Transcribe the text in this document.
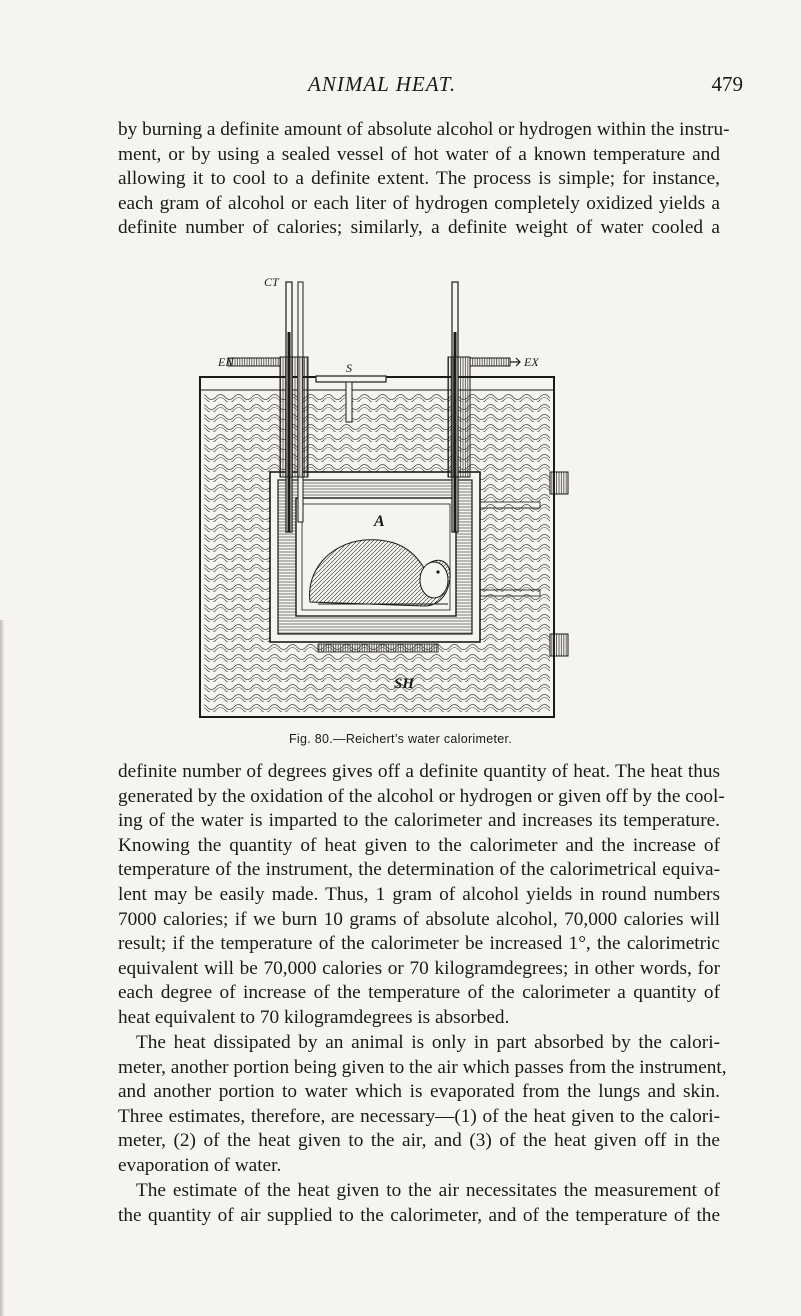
ANIMAL HEAT.	479

by burning a definite amount of absolute alcohol or hydrogen within the instru-
ment, or by using a sealed vessel of hot water of a known temperature and
allowing it to cool to a definite extent. The process is simple; for instance,
each gram of alcohol or each liter of hydrogen completely oxidized yields a
definite number of calories; similarly, a definite weight of water cooled a

CT
EN	EX
S
A
SH
Fig. 80.—Reichert’s water calorimeter.

definite number of degrees gives off a definite quantity of heat. The heat thus
generated by the oxidation of the alcohol or hydrogen or given off by the cool-
ing of the water is imparted to the calorimeter and increases its temperature.
Knowing the quantity of heat given to the calorimeter and the increase of
temperature of the instrument, the determination of the calorimetrical equiva-
lent may be easily made. Thus, 1 gram of alcohol yields in round numbers
7000 calories; if we burn 10 grams of absolute alcohol, 70,000 calories will
result; if the temperature of the calorimeter be increased 1°, the calorimetric
equivalent will be 70,000 calories or 70 kilogramdegrees; in other words, for
each degree of increase of the temperature of the calorimeter a quantity of
heat equivalent to 70 kilogramdegrees is absorbed.

The heat dissipated by an animal is only in part absorbed by the calori-
meter, another portion being given to the air which passes from the instrument,
and another portion to water which is evaporated from the lungs and skin.
Three estimates, therefore, are necessary—(1) of the heat given to the calori-
meter, (2) of the heat given to the air, and (3) of the heat given off in the
evaporation of water.

The estimate of the heat given to the air necessitates the measurement of
the quantity of air supplied to the calorimeter, and of the temperature of the
